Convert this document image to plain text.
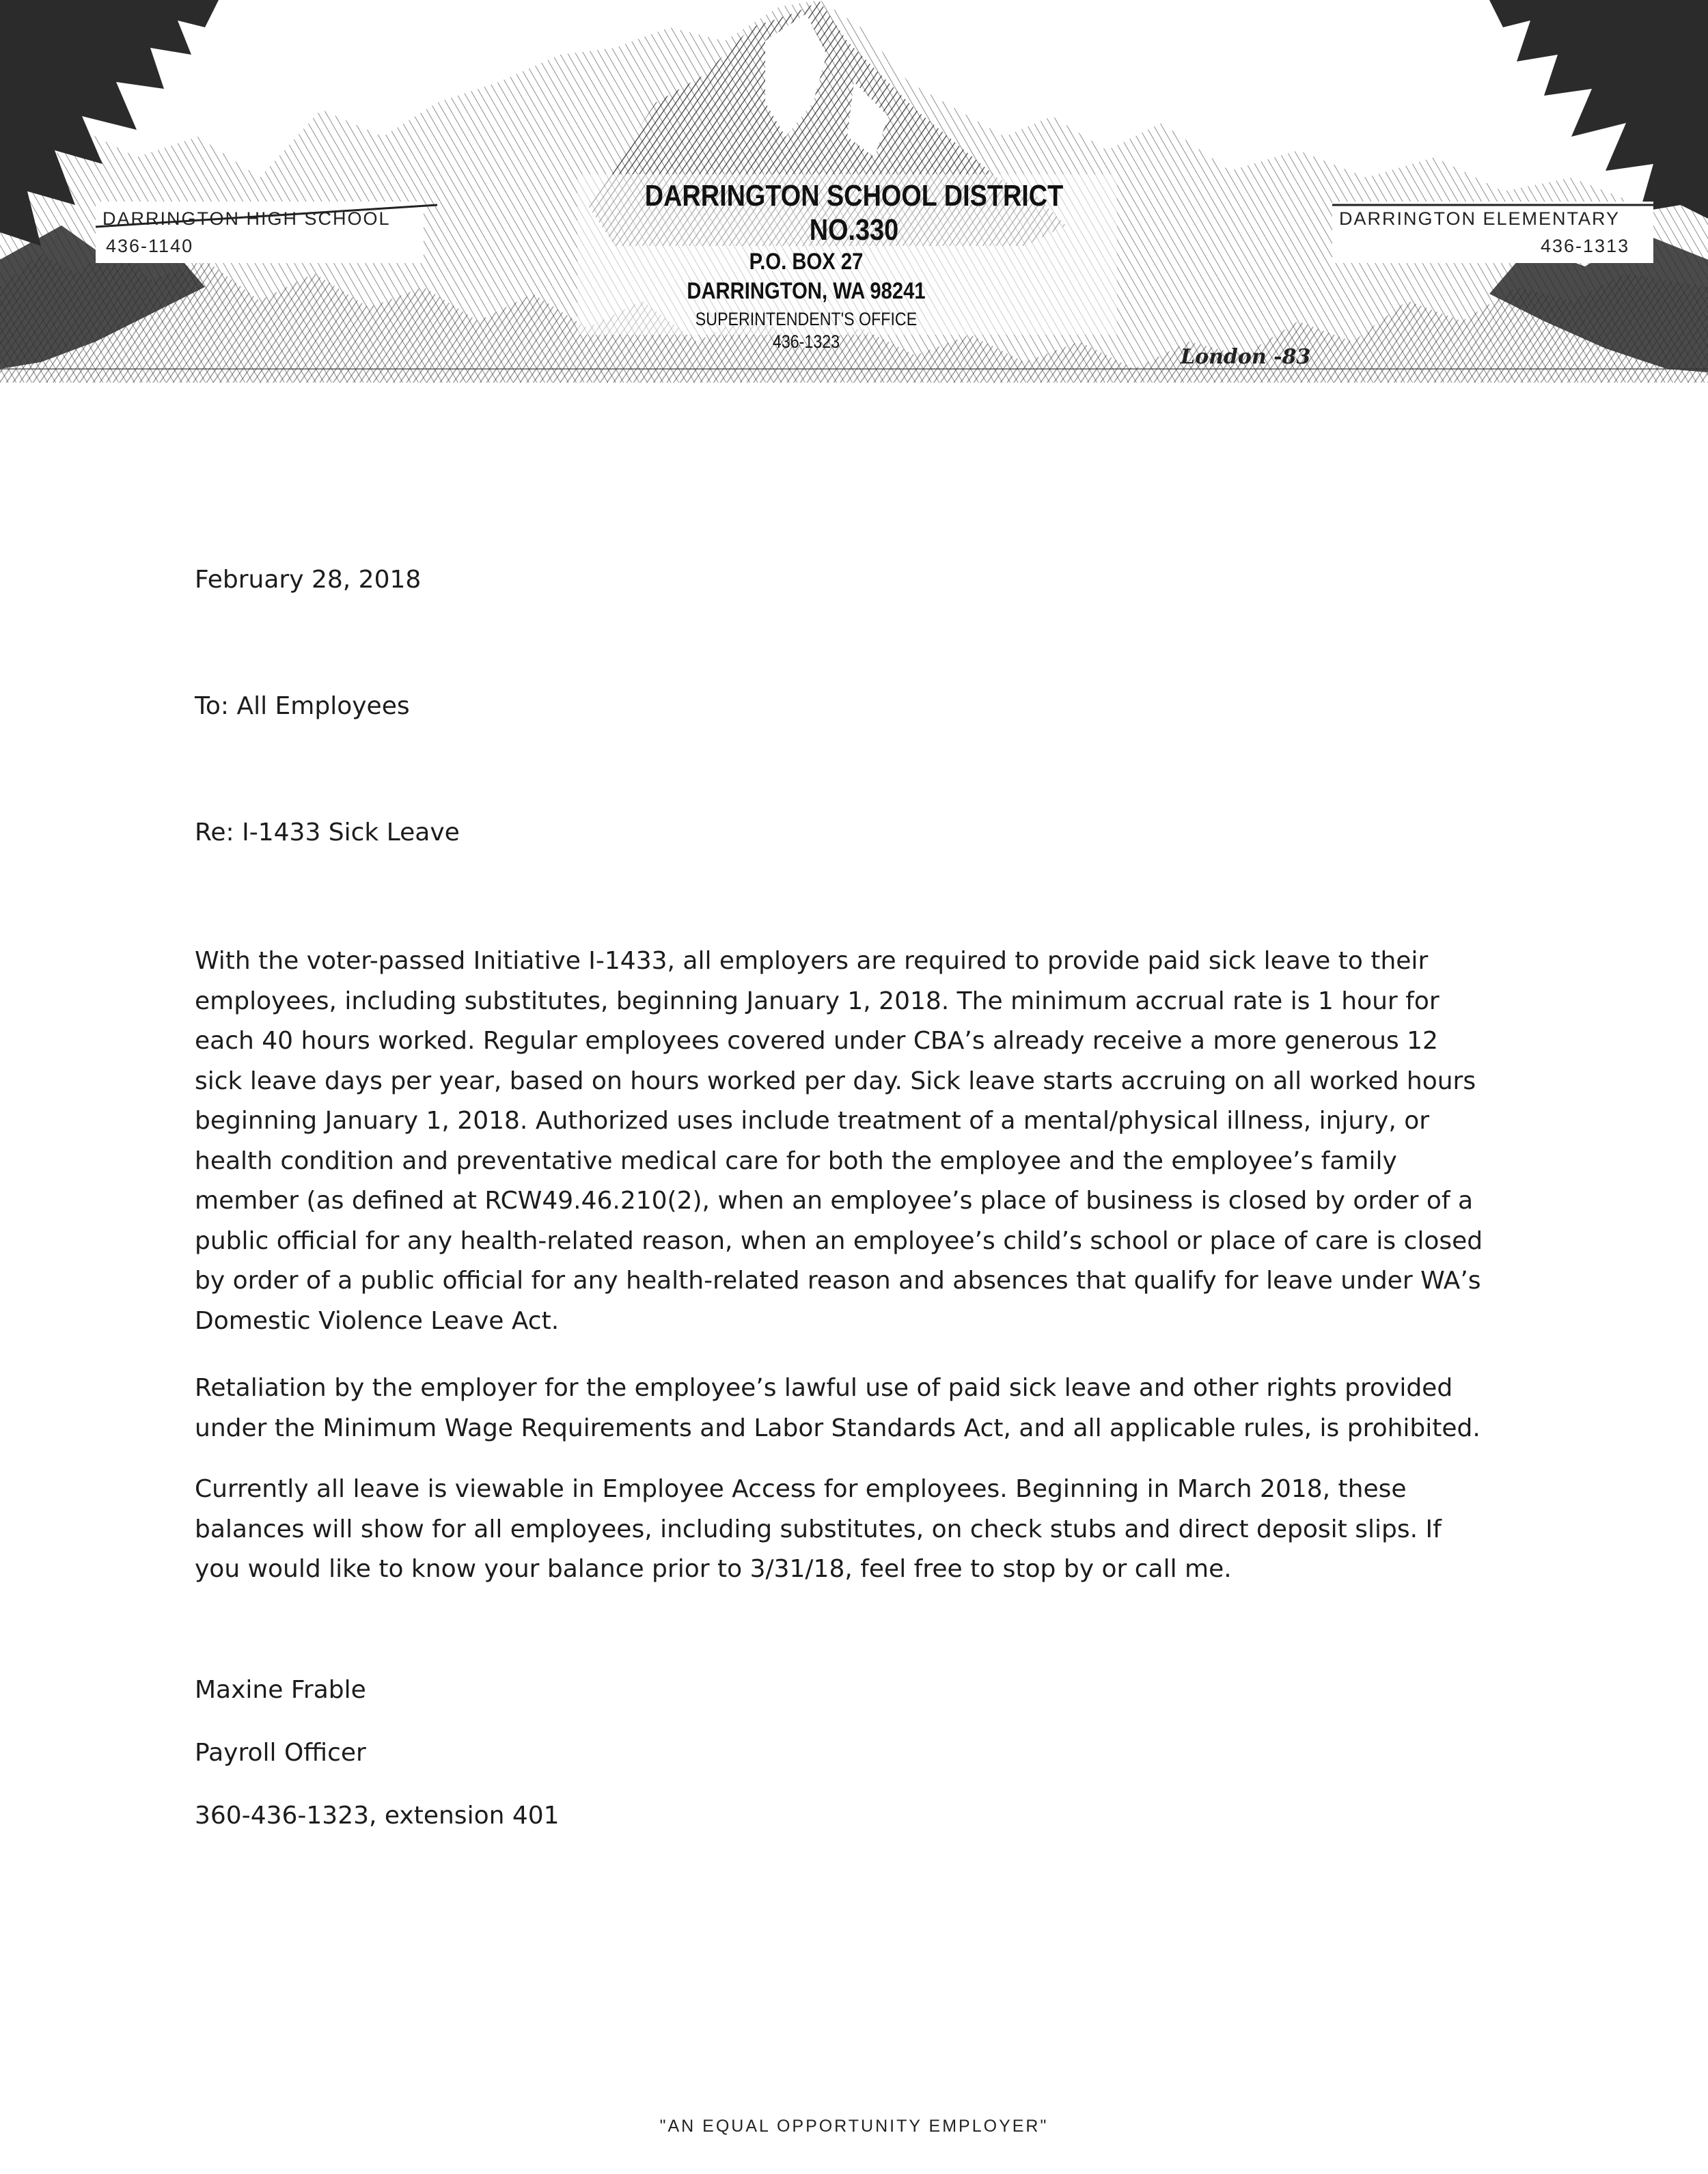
DARRINGTON HIGH SCHOOL
436-1140
DARRINGTON ELEMENTARY
436-1313
DARRINGTON SCHOOL DISTRICT NO.330
P.O. BOX 27
DARRINGTON, WA 98241
SUPERINTENDENT'S OFFICE
436-1323
London -83
February 28, 2018
To: All Employees
Re: I-1433 Sick Leave
With the voter-passed Initiative I-1433, all employers are required to provide paid sick leave to their
employees, including substitutes, beginning January 1, 2018. The minimum accrual rate is 1 hour for
each 40 hours worked. Regular employees covered under CBA’s already receive a more generous 12
sick leave days per year, based on hours worked per day. Sick leave starts accruing on all worked hours
beginning January 1, 2018. Authorized uses include treatment of a mental/physical illness, injury, or
health condition and preventative medical care for both the employee and the employee’s family
member (as defined at RCW49.46.210(2), when an employee’s place of business is closed by order of a
public official for any health-related reason, when an employee’s child’s school or place of care is closed
by order of a public official for any health-related reason and absences that qualify for leave under WA’s
Domestic Violence Leave Act.
Retaliation by the employer for the employee’s lawful use of paid sick leave and other rights provided
under the Minimum Wage Requirements and Labor Standards Act, and all applicable rules, is prohibited.
Currently all leave is viewable in Employee Access for employees. Beginning in March 2018, these
balances will show for all employees, including substitutes, on check stubs and direct deposit slips. If
you would like to know your balance prior to 3/31/18, feel free to stop by or call me.
Maxine Frable
Payroll Officer
360-436-1323, extension 401
"AN EQUAL OPPORTUNITY EMPLOYER"
